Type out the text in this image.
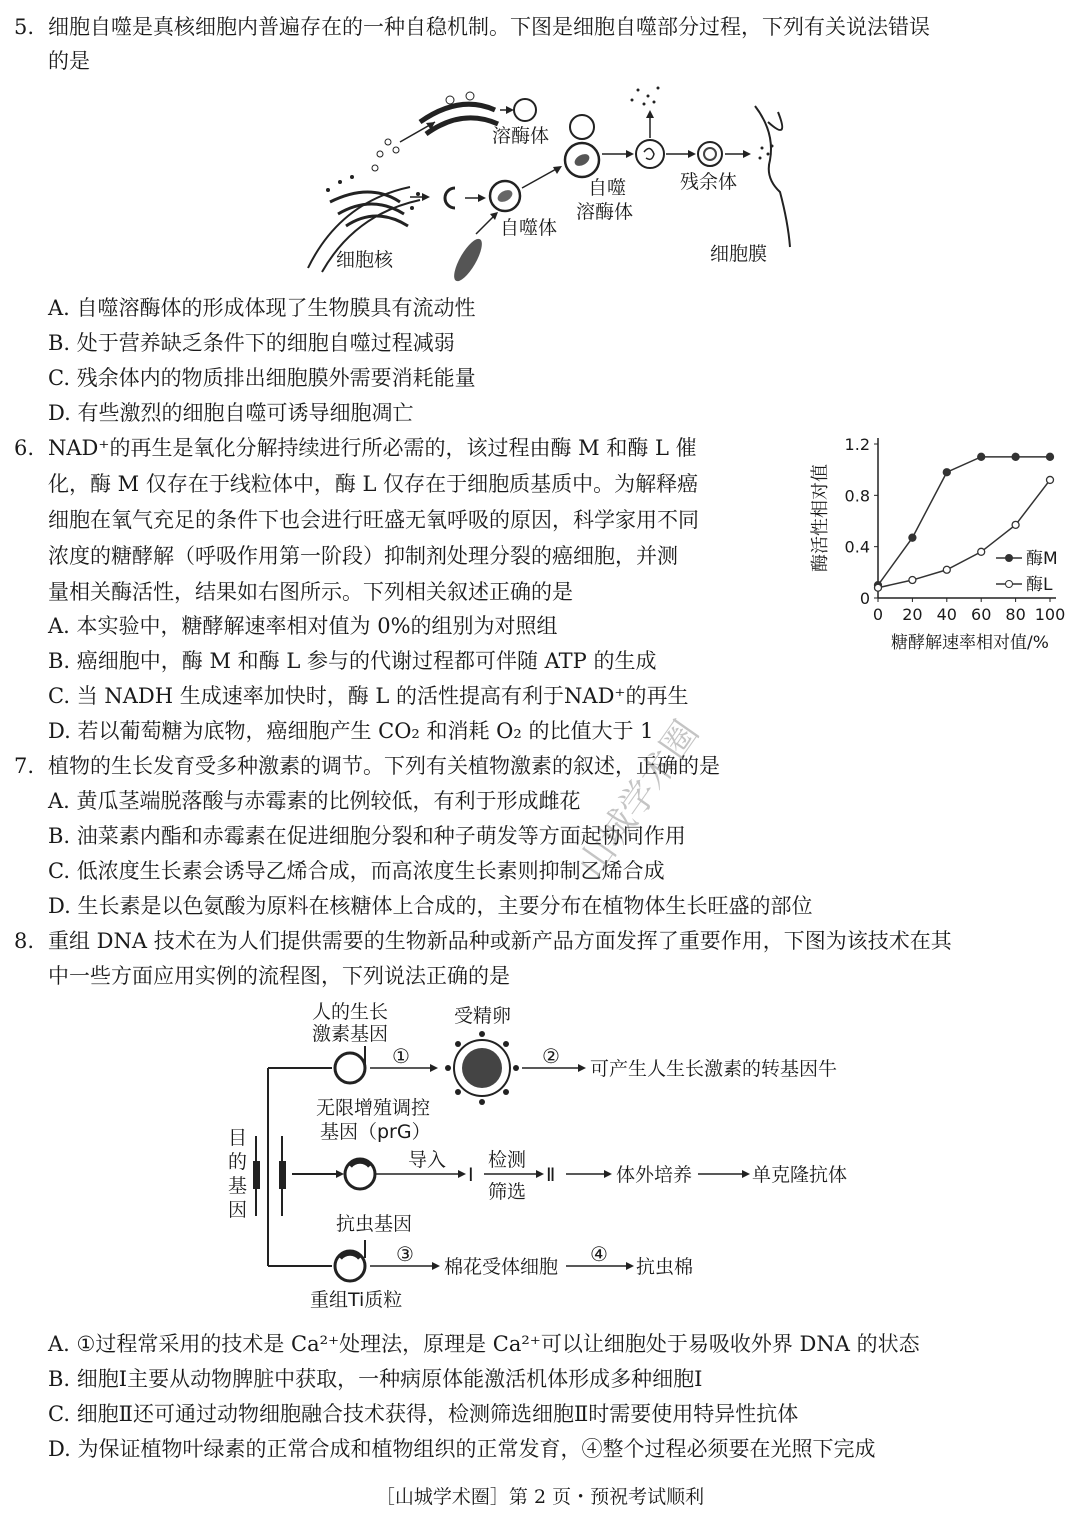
5. 细胞自噬是真核细胞内普遍存在的一种自稳机制。下图是细胞自噬部分过程，下列有关说法错误
的是
溶酶体
自噬体
自噬
溶酶体
残余体
细胞膜
细胞核
A. 自噬溶酶体的形成体现了生物膜具有流动性
B. 处于营养缺乏条件下的细胞自噬过程减弱
C. 残余体内的物质排出细胞膜外需要消耗能量
D. 有些激烈的细胞自噬可诱导细胞凋亡
6. NAD⁺的再生是氧化分解持续进行所必需的，该过程由酶 M 和酶 L 催
化，酶 M 仅存在于线粒体中，酶 L 仅存在于细胞质基质中。为解释癌
细胞在氧气充足的条件下也会进行旺盛无氧呼吸的原因，科学家用不同
浓度的糖酵解（呼吸作用第一阶段）抑制剂处理分裂的癌细胞，并测
量相关酶活性，结果如右图所示。下列相关叙述正确的是	0
0.4
0.8
1.2
0 20 40 60 80 100
酶M
酶L
酶活性相对值
糖酵解速率相对值/%
A. 本实验中，糖酵解速率相对值为 0%的组别为对照组
B. 癌细胞中，酶 M 和酶 L 参与的代谢过程都可伴随 ATP 的生成
C. 当 NADH 生成速率加快时，酶 L 的活性提高有利于NAD⁺的再生
D. 若以葡萄糖为底物，癌细胞产生 CO₂ 和消耗 O₂ 的比值大于 1
7. 植物的生长发育受多种激素的调节。下列有关植物激素的叙述，正确的是
A. 黄瓜茎端脱落酸与赤霉素的比例较低，有利于形成雌花
B. 油菜素内酯和赤霉素在促进细胞分裂和种子萌发等方面起协同作用
C. 低浓度生长素会诱导乙烯合成，而高浓度生长素则抑制乙烯合成
D. 生长素是以色氨酸为原料在核糖体上合成的，主要分布在植物体生长旺盛的部位
8. 重组 DNA 技术在为人们提供需要的生物新品种或新产品方面发挥了重要作用，下图为该技术在其
中一些方面应用实例的流程图，下列说法正确的是
目
的
基
因
人的生长
激素基因
①
受精卵
②
可产生人生长激素的转基因牛
无限增殖调控
基因（prG）
导入
Ⅰ
检测
筛选
Ⅱ	体外培养	单克隆抗体
抗虫基因
③
棉花受体细胞
④
抗虫棉
重组Ti质粒
A. ①过程常采用的技术是 Ca²⁺处理法，原理是 Ca²⁺可以让细胞处于易吸收外界 DNA 的状态
B. 细胞Ⅰ主要从动物脾脏中获取，一种病原体能激活机体形成多种细胞Ⅰ
C. 细胞Ⅱ还可通过动物细胞融合技术获得，检测筛选细胞Ⅱ时需要使用特异性抗体
D. 为保证植物叶绿素的正常合成和植物组织的正常发育，④整个过程必须要在光照下完成
山城学术圈
［山城学术圈］第 2 页・预祝考试顺利
